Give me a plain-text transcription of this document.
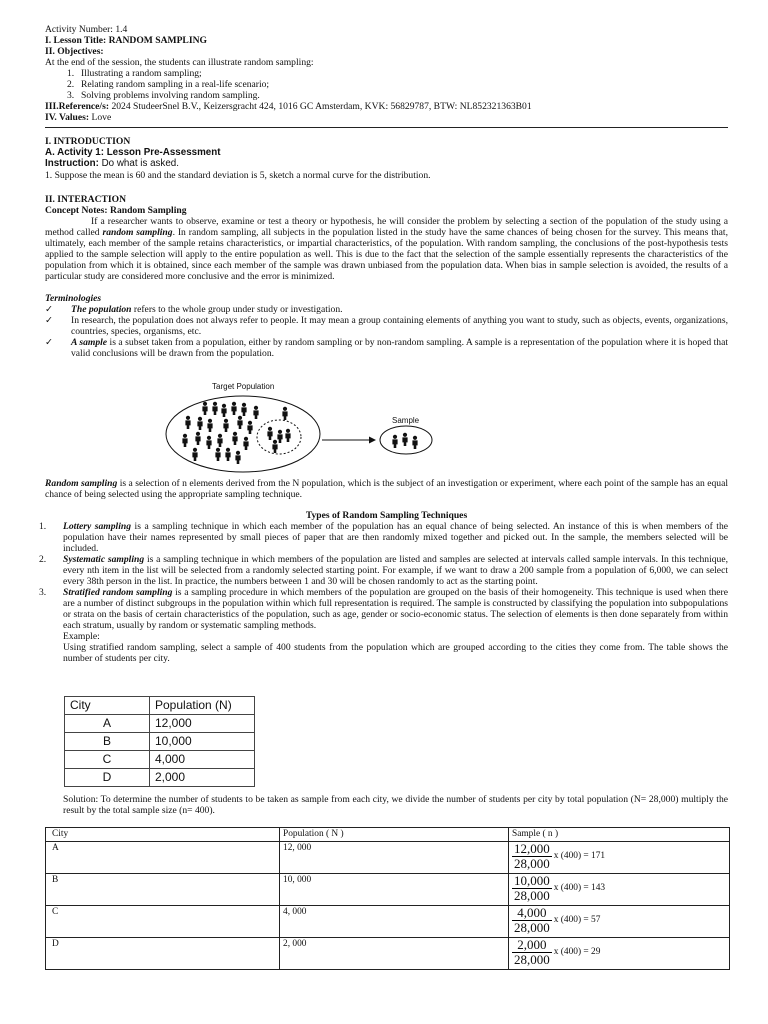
Activity Number: 1.4
I. Lesson Title: RANDOM SAMPLING
II. Objectives:
At the end of the session, the students can illustrate random sampling:
1. Illustrating a random sampling;
2. Relating random sampling in a real-life scenario;
3. Solving problems involving random sampling.
III.Reference/s: 2024 StudeerSnel B.V., Keizersgracht 424, 1016 GC Amsterdam, KVK: 56829787, BTW: NL852321363B01
IV. Values: Love
I. INTRODUCTION
A. Activity 1: Lesson Pre-Assessment
Instruction: Do what is asked.
1. Suppose the mean is 60 and the standard deviation is 5, sketch a normal curve for the distribution.
II. INTERACTION
Concept Notes: Random Sampling
If a researcher wants to observe, examine or test a theory or hypothesis, he will consider the problem by selecting a section of the population of the study using a method called random sampling. In random sampling, all subjects in the population listed in the study have the same chances of being chosen for the survey. This means that, ultimately, each member of the sample retains characteristics, or impartial characteristics, of the population. With random sampling, the conclusions of the post-hypothesis tests applied to the sample selection will apply to the entire population as well. This is due to the fact that the selection of the sample essentially represents the characteristics of the population from which it is obtained, since each member of the sample was drawn unbiased from the population data. When bias in sample selection is avoided, the results of a particular study are considered more conclusive and the error is minimized.
Terminologies
✓	The population refers to the whole group under study or investigation.
✓	In research, the population does not always refer to people. It may mean a group containing elements of anything you want to study, such as objects, events, organizations, countries, species, organisms, etc.
✓	A sample is a subset taken from a population, either by random sampling or by non-random sampling. A sample is a representation of the population where it is hoped that valid conclusions will be drawn from the population.
Target Population
Sample
Random sampling is a selection of n elements derived from the N population, which is the subject of an investigation or experiment, where each point of the sample has an equal chance of being selected using the appropriate sampling technique.
Types of Random Sampling Techniques
1.	Lottery sampling is a sampling technique in which each member of the population has an equal chance of being selected. An instance of this is when members of the population have their names represented by small pieces of paper that are then randomly mixed together and picked out. In the sample, the members selected will be included.
2.	Systematic sampling is a sampling technique in which members of the population are listed and samples are selected at intervals called sample intervals. In this technique, every nth item in the list will be selected from a randomly selected starting point. For example, if we want to draw a 200 sample from a population of 6,000, we can select every 38th person in the list. In practice, the numbers between 1 and 30 will be chosen randomly to act as the starting point.
3.	Stratified random sampling is a sampling procedure in which members of the population are grouped on the basis of their homogeneity. This technique is used when there are a number of distinct subgroups in the population within which full representation is required. The sample is constructed by classifying the population into subpopulations or strata on the basis of certain characteristics of the population, such as age, gender or socio-economic status. The selection of elements is then done separately from within each stratum, usually by random or systematic sampling methods.
Example:
Using stratified random sampling, select a sample of 400 students from the population which are grouped according to the cities they come from. The table shows the number of students per city.
City	Population (N)
A	12,000
B	10,000
C	4,000
D	2,000
Solution: To determine the number of students to be taken as sample from each city, we divide the number of students per city by total population (N= 28,000) multiply the result by the total sample size (n= 400).
City	Population ( N )	Sample ( n )
A	12, 000	$\frac{12,000}{28,000}$ x (400) = 171
B	10, 000	$\frac{10,000}{28,000}$ x (400) = 143
C	4, 000	$\frac{4,000}{28,000}$ x (400) = 57
D	2, 000	$\frac{2,000}{28,000}$ x (400) = 29
